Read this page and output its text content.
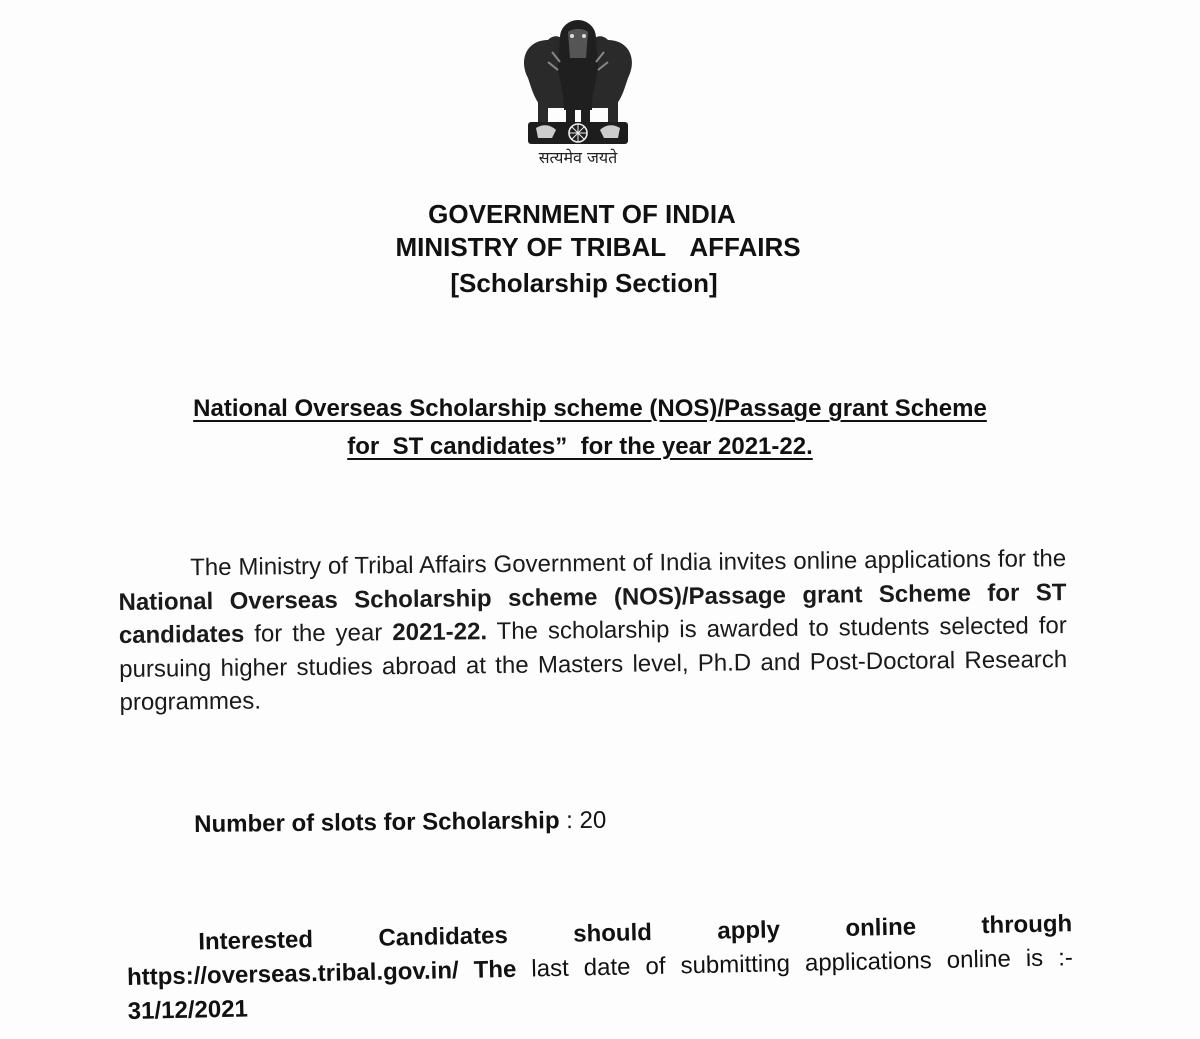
सत्यमेव जयते
GOVERNMENT OF INDIA
MINISTRY OF TRIBAL   AFFAIRS
[Scholarship Section]
National Overseas Scholarship scheme (NOS)/Passage grant Scheme
for  ST candidates”  for the year 2021-22.
The Ministry of Tribal Affairs Government of India invites online applications for the National Overseas Scholarship scheme (NOS)/Passage grant Scheme for ST candidates for the year 2021-22. The scholarship is awarded to students selected for pursuing higher studies abroad at the Masters level, Ph.D and Post-Doctoral Research programmes.
Number of slots for Scholarship : 20
Interested Candidates should apply online through https://overseas.tribal.gov.in/ The last date of submitting applications online is :- 31/12/2021
